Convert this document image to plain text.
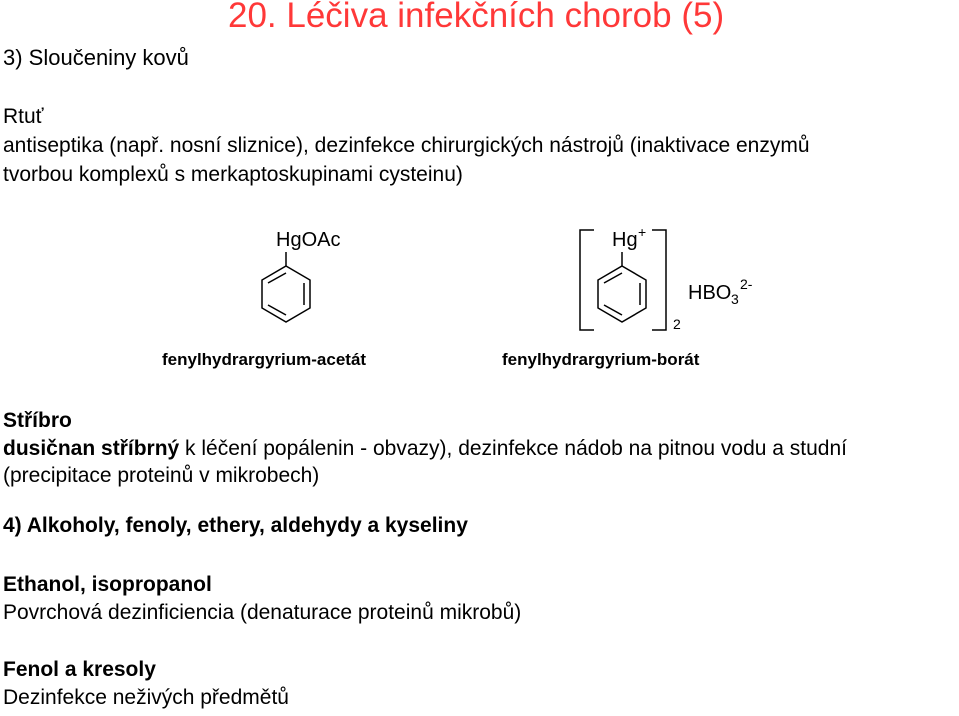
20. Léčiva infekčních chorob (5)
3) Sloučeniny kovů
Rtuť
antiseptika (např. nosní sliznice), dezinfekce chirurgických nástrojů (inaktivace enzymů
tvorbou komplexů s merkaptoskupinami cysteinu)
HgOAc
fenylhydrargyrium-acetát
Hg +
2
HBO 3
2-
fenylhydrargyrium-borát
Stříbro
dusičnan stříbrný k léčení popálenin - obvazy), dezinfekce nádob na pitnou vodu a studní
(precipitace proteinů v mikrobech)
4) Alkoholy, fenoly, ethery, aldehydy a kyseliny
Ethanol, isopropanol
Povrchová dezinficiencia (denaturace proteinů mikrobů)
Fenol a kresoly
Dezinfekce neživých předmětů
